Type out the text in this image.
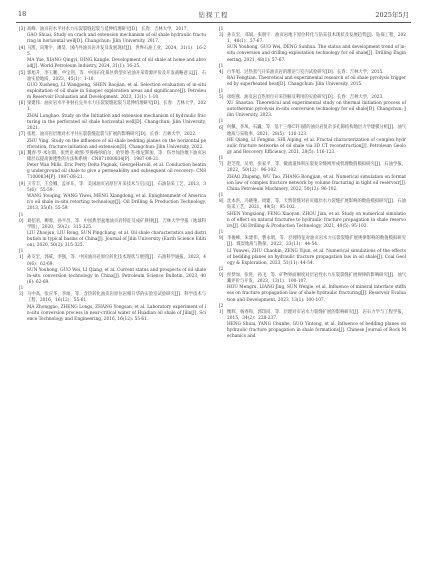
18	钻探工程	2025年5月
[3] 高峰．油页岩水平井水力压裂裂缝起裂与延伸机理研究[D]．长春：吉林大学，2017．
GAO Shuai. Study on crack and extension mechanism of oil shale hydraulic fracturing in horizontal well[D]. Changchun: Jilin University, 2017.
[4] 马凯，向翔宇，潘昊．国内外油页岩开发及发展现状[J]．世界石油工业，2024，31(1)：16-25．
MA Yue, XIANG Qingyi, DING Kangle. Development of oil shale at home and abroad[J]. World Petroleum Industry, 2024, 31(1): 16-25.
[5] 郭旭升，李王鹏，申宝剑，等．中国石化探区典型页岩油开采资源评价及开发战略意义[J]．石油实验地质，2023，45(1)：1-10．
GUO Xusheng, LI Wangpeng, SHEN Baojian, et al. Selection evaluation of in-situ exploitation of oil shale in Sinopec exploration areas and significance[J]. Petroleum Reservoir Evaluation and Development, 2023, 13(1): 1-10.
[6] 梁建伟．油页岩水平井射孔完井水力压裂裂缝起裂与延伸机理研究[D]．长春：吉林大学，2021．
ZHAI Longhao. Study on the Initiation and extension mechanism of hydraulic fracturing in the perforated oil shale horizontal well[D]. Changchun: Jilin University, 2021.
[7] 张旭．油页岩层理对水平井压裂裂缝起裂与扩展的影响研究[D]．长春：吉林大学，2022．
ZHU Ying. Study on the influence of oil shale bedding planes on the horizontal perforation, fracture initiation and extension[D]. Changchun: Jilin University, 2022.
[8] 魏春·罗·米尔斯，张贾克·欧图·罗鲁格纳伯尔，哈罗德·杰·维尼斯加，等．伤导加热地下油页岩储层以提高渗透性的方法和系统：CN871000834[P]．1987-08-21．
Peter Wan Mills, Eric Perry Delta Pagnak, GeorgeHarold, et al. Conduction heating underground oil shale to give a permeability and subsequent oil recovery: CN871000834[P]. 1987-08-21.
[9] 王雪丰，王会娜，孟祥东，等．美国油页岩原位开采技术与启示[J]．石油钻采工艺，2013，35(6)：55-59．
WANG Youqing, WANG Yiwei, MENG Xiangdong, et al. Enlightenment of American's oil shale in-situ retorting technology[J]. Oil Drilling & Production Technology, 2013, 35(6): 55-59.
[10] 刘招君，柳蓉，孙平昌，等．中国典型盆地油页岩特征及成矿规律[J]．吉林大学学报（地球科学版），2020，50(2)：315-325．
LIU Zhaojun, LIU Rong, SUN Pingchang, et al. Oil shale characteristics and distribution in typical basins of China[J]. Journal of Jilin University (Earth Science Edition), 2020, 50(2): 315-325.
[11] 孙友宏，郭威，李强，等．中国油页岩原位转化技术现状与展望[J]．石油科学通报，2023，40(6)：62-69．
SUN Youhong, GUO Wei, LI Qiang, et al. Current status and prospects of oil shale in-situ conversion technology in China[J]. Petroleum Science Bulletin, 2023, 40(6): 62-69.
[12] 马中高，张应华，李灿，等．含热转化油页岩原位岩相升华的实验室试验研究[J]．科学技术与工程，2016，16(12)：55-61．
MA Zhonggao, ZHENG Longs, ZHANG Yongsan, et al. Laboratory experiment of in-situ conversion process in near-critical water of Huadian oil shale of Jilin[J]. Science Technology and Engineering, 2016, 16(12): 55-61.
[13] 孙友宏，邓斌，张朋宇．油页岩地下原位转化与钻采技术现状及发展趋势[J]．钻探工程，2021，48(1)：57-67．
SUN Youhong, GUO Wei, DENG Sunhua. The status and development trend of in-situ conversion and drilling exploitation technology for oil shale[J]. Drilling Engineering, 2021, 48(1): 57-67.
[14] 白华旭．过热蒸气开采油页岩的理论与室内试验研究[D]．长春：吉林大学，2015．
BAI Fengtian. Theoretical and experimental research of oil shale pyrolysis triggered by superheated heat[D]. Changchun: Jilin University, 2015.
[15] 徐绍燕．油页岩自热原位开采热解及利用的实验研究[D]．长春：吉林大学，2023．
XU Shaotao. Theoretical and experimental study on thermal initiation process of autothermic pyrolysis in-situ conversion technology for oil shale[D]. Changchun: Jilin University, 2023.
[16] 何佩，李凤，石巍，等．基于三维CT扫描的油页岩复杂多孔隙结构地层力学建模分析[J]．油气地质与采收率，2021，28(5)：116-123．
HE Qiang, LI Fengma, SHI Aiping, et al. Fractal characterization of complex hydraulic fracture networks of oil shale via 3D CT reconstruction[J]. Petroleum Geology and Recovery Efficiency, 2021, 28(5): 116-123.
[17] 赵芝莲，吴勇，张家平，等．微流道体积压裂复杂缝网形成机理数值模拟研究[J]．石油学报，2022，50(12)：96-102．
ZHAO Zhipeng, WU Tao, ZHANG Rongjian, et al. Numerical simulation on formation law of complex fracture network by volume fracturing in tight oil reservoir[J]. China Petroleum Machinery, 2022, 50(12): 96-102.
[18] 沈本洪，冯晓艳，周建，等．天然裂缝对岩页储层水力裂缝扩展影响的数值模拟研究[J]．石油钻采工艺，2021，49(5)：95-102．
SHEN Yongxiong, FENG Xiaoyan, ZHOU Jian, et al. Study on numerical simulation of effect on natural fractures to hydraulic fracture propagation in shale reservoirs[J]. Oil Drilling & Production Technology, 2021, 49(5): 95-102.
[19] 李俊峰，朱建伟，曹永明，等．层理特征对油页岩水力压裂裂缝扩展规律影响的数值模拟研究[J]．煤炭地质与勘探，2022，33(11)：44-54．
LI Yunwei, ZHU Chaobin, ZENG Yijun, et al. Numerical simulations of the effects of bedding planes on hydraulic fracture propagation law in oil shale[J]. Coal Geology & Exploration, 2023, 51(11): 44-54.
[20] 侯梦如，张进，孙飞，等．矿物界面刚度对层岩性水力压裂裂缝扩展规律的影响研究[J]．油气藏评价与开发，2023，13(1)：100-107．
HOU Mengru, LIANG Jing, SUN Wenjie, et al. Influence of mineral interface stiffness on fracture propagation law of shale hydraulic fracturing[J]. Reservoir Evaluation and Development, 2023, 13(1): 100-107.
[21] 衡辉，杨春和，郭印同，等．层理对页岩水力裂缝扩展的影响研究[J]．岩石力学与工程学报，2015，34(2)：228-237．
HENG Shuai, YANG Chunhe, GUO Yintong, et al. Influence of bedding planes on hydraulic fracture propagation in shale formations[J]. Chinese Journal of Rock Mechanics and
